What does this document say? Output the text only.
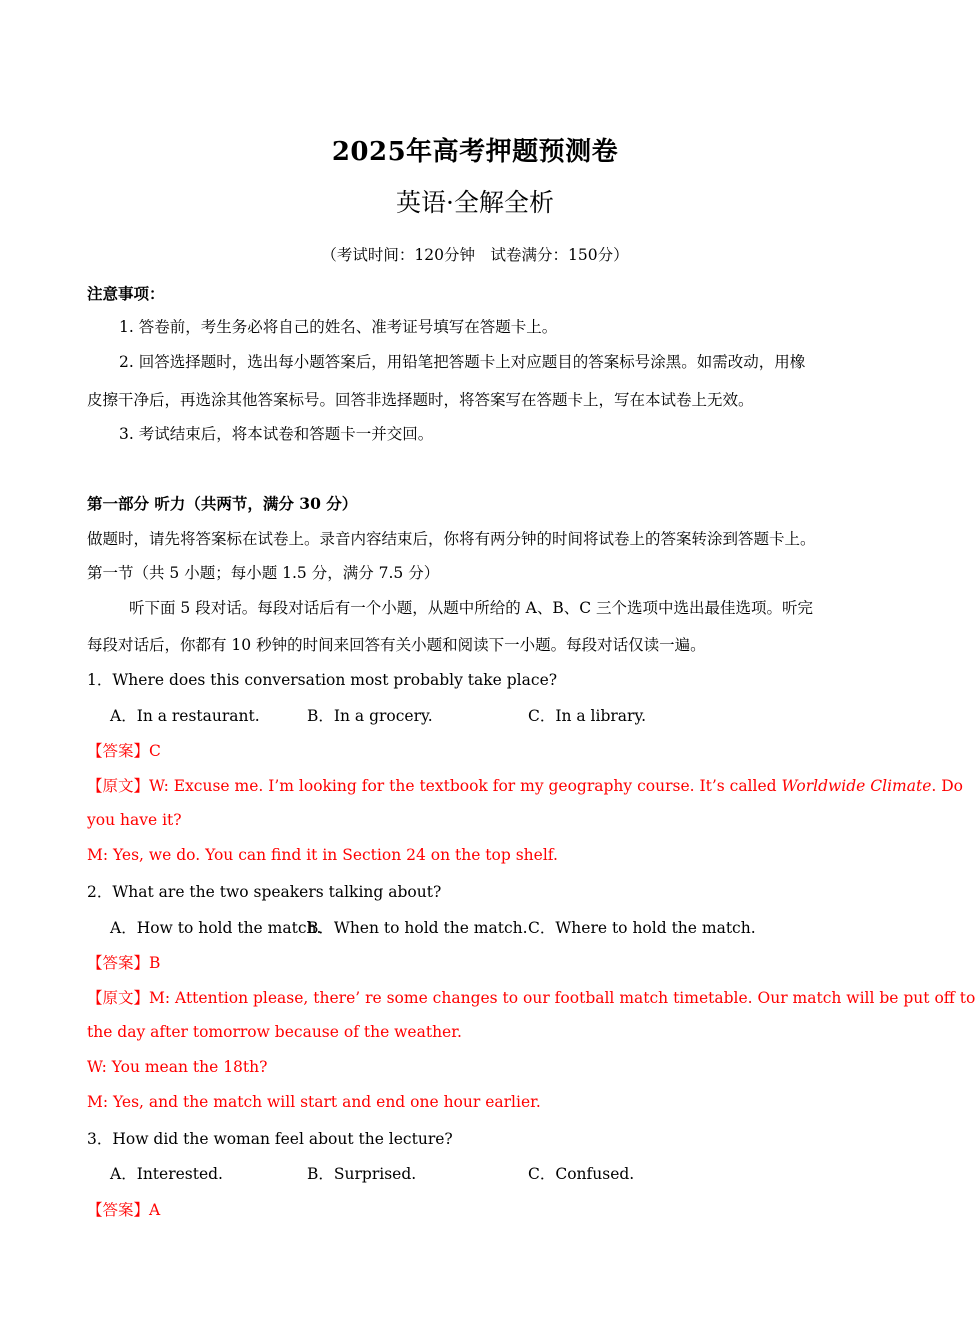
2025年高考押题预测卷
英语·全解全析
（考试时间：120分钟　试卷满分：150分）
注意事项：
1. 答卷前，考生务必将自己的姓名、准考证号填写在答题卡上。
2. 回答选择题时，选出每小题答案后，用铅笔把答题卡上对应题目的答案标号涂黑。如需改动，用橡
皮擦干净后，再选涂其他答案标号。回答非选择题时，将答案写在答题卡上，写在本试卷上无效。
3. 考试结束后，将本试卷和答题卡一并交回。
第一部分 听力（共两节，满分 30 分）
做题时，请先将答案标在试卷上。录音内容结束后，你将有两分钟的时间将试卷上的答案转涂到答题卡上。
第一节（共 5 小题；每小题 1.5 分，满分 7.5 分）
听下面 5 段对话。每段对话后有一个小题，从题中所给的 A、B、C 三个选项中选出最佳选项。听完
每段对话后，你都有 10 秒钟的时间来回答有关小题和阅读下一小题。每段对话仅读一遍。
1．Where does this conversation most probably take place?
A．In a restaurant.	B．In a grocery.	C．In a library.
【答案】C
【原文】W: Excuse me. I’m looking for the textbook for my geography course. It’s called Worldwide Climate. Do
you have it?
M: Yes, we do. You can find it in Section 24 on the top shelf.
2．What are the two speakers talking about?
A．How to hold the match.
B．When to hold the match. C．Where to hold the match.
【答案】B
【原文】M: Attention please, there’ re some changes to our football match timetable. Our match will be put off to
the day after tomorrow because of the weather.
W: You mean the 18th?
M: Yes, and the match will start and end one hour earlier.
3．How did the woman feel about the lecture?
A．Interested.	B．Surprised.	C．Confused.
【答案】A
